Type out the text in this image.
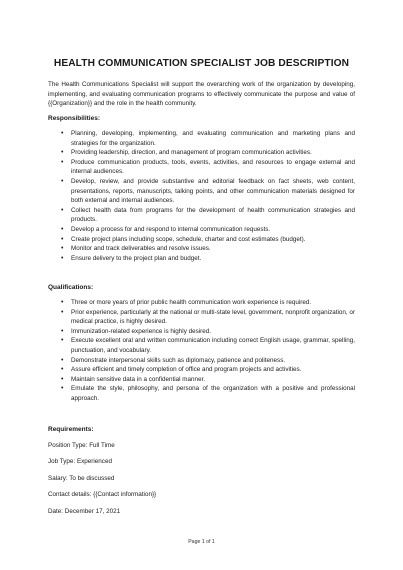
HEALTH COMMUNICATION SPECIALIST JOB DESCRIPTION
The Health Communications Specialist will support the overarching work of the organization by developing, implementing, and evaluating communication programs to effectively communicate the purpose and value of {{Organization}} and the role in the health community.
Responsibilities:
• Planning, developing, implementing, and evaluating communication and marketing plans and strategies for the organization.
• Providing leadership, direction, and management of program communication activities.
• Produce communication products, tools, events, activities, and resources to engage external and internal audiences.
• Develop, review, and provide substantive and editorial feedback on fact sheets, web content, presentations, reports, manuscripts, talking points, and other communication materials designed for both external and internal audiences.
• Collect health data from programs for the development of health communication strategies and products.
• Develop a process for and respond to internal communication requests.
• Create project plans including scope, schedule, charter and cost estimates (budget).
• Monitor and track deliverables and resolve issues.
• Ensure delivery to the project plan and budget.
Qualifications:
• Three or more years of prior public health communication work experience is required.
• Prior experience, particularly at the national or multi-state level, government, nonprofit organization, or medical practice, is highly desired.
• Immunization-related experience is highly desired.
• Execute excellent oral and written communication including correct English usage, grammar, spelling, punctuation, and vocabulary.
• Demonstrate interpersonal skills such as diplomacy, patience and politeness.
• Assure efficient and timely completion of office and program projects and activities.
• Maintain sensitive data in a confidential manner.
• Emulate the style, philosophy, and persona of the organization with a positive and professional approach.
Requirements:
Position Type: Full Time
Job Type: Experienced
Salary: To be discussed
Contact details: {{Contact information}}
Date: December 17, 2021
Page 1 of 1
